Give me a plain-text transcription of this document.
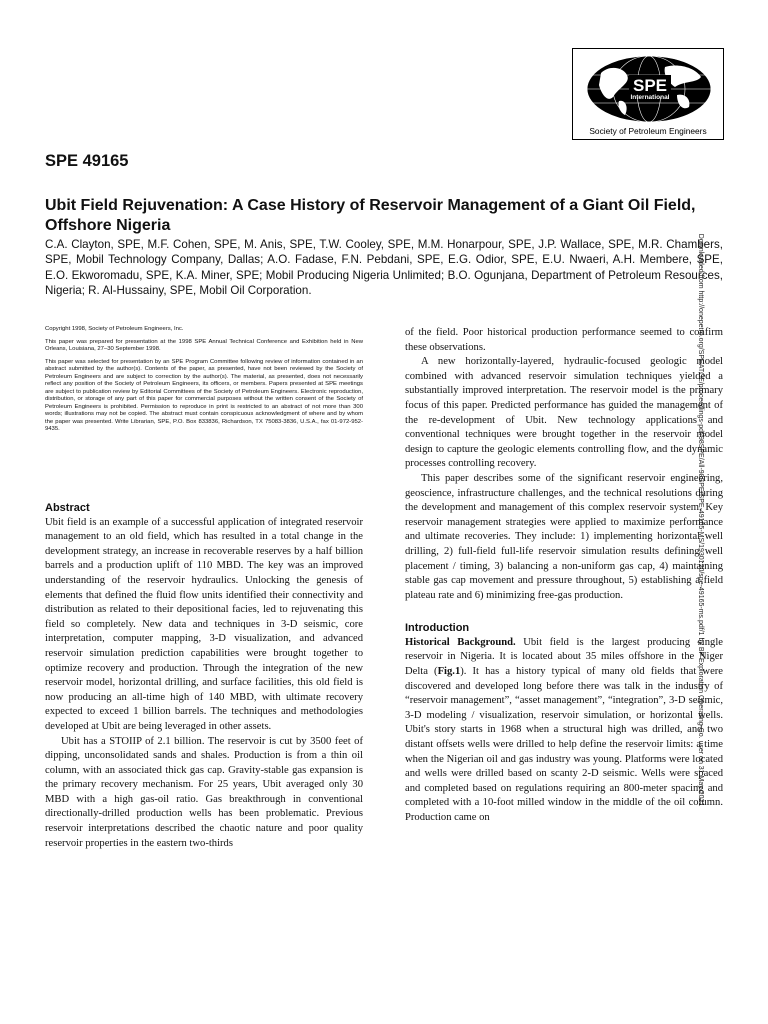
SPE
International
Society of Petroleum Engineers
SPE 49165
Ubit Field Rejuvenation: A Case History of Reservoir Management of a Giant Oil Field, Offshore Nigeria

C.A. Clayton, SPE, M.F. Cohen, SPE, M. Anis, SPE, T.W. Cooley, SPE, M.M. Honarpour, SPE, J.P. Wallace, SPE, M.R. Chambers, SPE, Mobil Technology Company, Dallas; A.O. Fadase, F.N. Pebdani, SPE, E.G. Odior, SPE, E.U. Nwaeri, A.H. Membere, SPE, E.O. Ekworomadu, SPE, K.A. Miner, SPE; Mobil Producing Nigeria Unlimited; B.O. Ogunjana, Department of Petroleum Resources, Nigeria; R. Al-Hussainy, SPE, Mobil Oil Corporation.	Downloaded from http://onepetro.org/SPEATCE/proceedings-pdf/98SPE/All-98SPE/SPE-49165-MS/1930120/spe-49165-ms.pdf/1 by BP Exploration Operating Co. user on 31 May 2021

Copyright 1998, Society of Petroleum Engineers, Inc.

This paper was prepared for presentation at the 1998 SPE Annual Technical Conference and Exhibition held in New Orleans, Louisiana, 27–30 September 1998.

This paper was selected for presentation by an SPE Program Committee following review of information contained in an abstract submitted by the author(s). Contents of the paper, as presented, have not been reviewed by the Society of Petroleum Engineers and are subject to correction by the author(s). The material, as presented, does not necessarily reflect any position of the Society of Petroleum Engineers, its officers, or members. Papers presented at SPE meetings are subject to publication review by Editorial Committees of the Society of Petroleum Engineers. Electronic reproduction, distribution, or storage of any part of this paper for commercial purposes without the written consent of the Society of Petroleum Engineers is prohibited. Permission to reproduce in print is restricted to an abstract of not more than 300 words; illustrations may not be copied. The abstract must contain conspicuous acknowledgment of where and by whom the paper was presented. Write Librarian, SPE, P.O. Box 833836, Richardson, TX 75083-3836, U.S.A., fax 01-972-952-9435.

Abstract

Ubit field is an example of a successful application of integrated reservoir management to an old field, which has resulted in a total change in the development strategy, an increase in recoverable reserves by a half billion barrels and a production uplift of 110 MBD. The key was an improved understanding of the reservoir hydraulics. Unlocking the genesis of elements that defined the fluid flow units identified their connectivity and distribution as related to their depositional facies, led to rejuvenating this field so completely. New data and techniques in 3-D seismic, core interpretation, computer mapping, 3-D visualization, and advanced reservoir simulation prediction capabilities were brought together to optimize recovery and production. Through the integration of the new reservoir model, horizontal drilling, and surface facilities, this old field is now producing an all-time high of 140 MBD, with ultimate recovery expected to exceed 1 billion barrels. The techniques and methodologies developed at Ubit are being leveraged in other assets.

Ubit has a STOIIP of 2.1 billion. The reservoir is cut by 3500 feet of dipping, unconsolidated sands and shales. Production is from a thin oil column, with an associated thick gas cap. Gravity-stable gas expansion is the primary recovery mechanism. For 25 years, Ubit averaged only 30 MBD with a high gas-oil ratio. Gas breakthrough in conventional directionally-drilled production wells has been problematic. Previous reservoir interpretations described the chaotic nature and poor quality reservoir properties in the eastern two-thirds

of the field. Poor historical production performance seemed to confirm these observations.

A new horizontally-layered, hydraulic-focused geologic model combined with advanced reservoir simulation techniques yielded a substantially improved interpretation. The reservoir model is the primary focus of this paper. Predicted performance has guided the management of the re-development of Ubit. New technology applications and conventional techniques were brought together in the reservoir model design to capture the geologic elements controlling flow, and the dynamic processes controlling recovery.

This paper describes some of the significant reservoir engineering, geoscience, infrastructure challenges, and the technical resolutions during the development and management of this complex reservoir system. Key reservoir management strategies were applied to maximize performance and ultimate recoveries. They include: 1) implementing horizontal well drilling, 2) full-field full-life reservoir simulation results defining well placement / timing, 3) balancing a non-uniform gas cap, 4) maintaining stable gas cap movement and pressure throughout, 5) establishing a field plateau rate and 6) minimizing free-gas production.

Introduction

Historical Background. Ubit field is the largest producing single reservoir in Nigeria. It is located about 35 miles offshore in the Niger Delta (Fig.1). It has a history typical of many old fields that were discovered and developed long before there was talk in the industry of “reservoir management”, “asset management”, “integration”, 3-D seismic, 3-D modeling / visualization, reservoir simulation, or horizontal wells. Ubit's story starts in 1968 when a structural high was drilled, and two distant offsets wells were drilled to help define the reservoir limits: a time when the Nigerian oil and gas industry was young. Platforms were located and wells were drilled based on scanty 2-D seismic. Wells were spaced and completed based on regulations requiring an 800-meter spacing and completed with a 10-foot milled window in the middle of the oil column. Production came on
